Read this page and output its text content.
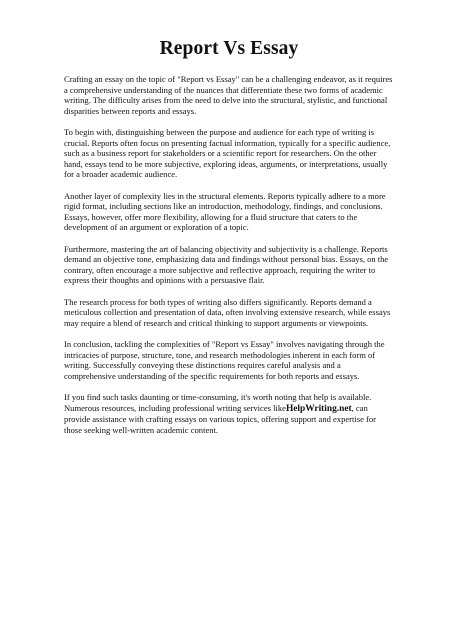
Report Vs Essay

Crafting an essay on the topic of "Report vs Essay" can be a challenging endeavor, as it requires a comprehensive understanding of the nuances that differentiate these two forms of academic writing. The difficulty arises from the need to delve into the structural, stylistic, and functional disparities between reports and essays.

To begin with, distinguishing between the purpose and audience for each type of writing is crucial. Reports often focus on presenting factual information, typically for a specific audience, such as a business report for stakeholders or a scientific report for researchers. On the other hand, essays tend to be more subjective, exploring ideas, arguments, or interpretations, usually for a broader academic audience.

Another layer of complexity lies in the structural elements. Reports typically adhere to a more rigid format, including sections like an introduction, methodology, findings, and conclusions. Essays, however, offer more flexibility, allowing for a fluid structure that caters to the development of an argument or exploration of a topic.

Furthermore, mastering the art of balancing objectivity and subjectivity is a challenge. Reports demand an objective tone, emphasizing data and findings without personal bias. Essays, on the contrary, often encourage a more subjective and reflective approach, requiring the writer to express their thoughts and opinions with a persuasive flair.

The research process for both types of writing also differs significantly. Reports demand a meticulous collection and presentation of data, often involving extensive research, while essays may require a blend of research and critical thinking to support arguments or viewpoints.

In conclusion, tackling the complexities of "Report vs Essay" involves navigating through the intricacies of purpose, structure, tone, and research methodologies inherent in each form of writing. Successfully conveying these distinctions requires careful analysis and a comprehensive understanding of the specific requirements for both reports and essays.

If you find such tasks daunting or time-consuming, it's worth noting that help is available. Numerous resources, including professional writing services likeHelpWriting.net, can provide assistance with crafting essays on various topics, offering support and expertise for those seeking well-written academic content.
